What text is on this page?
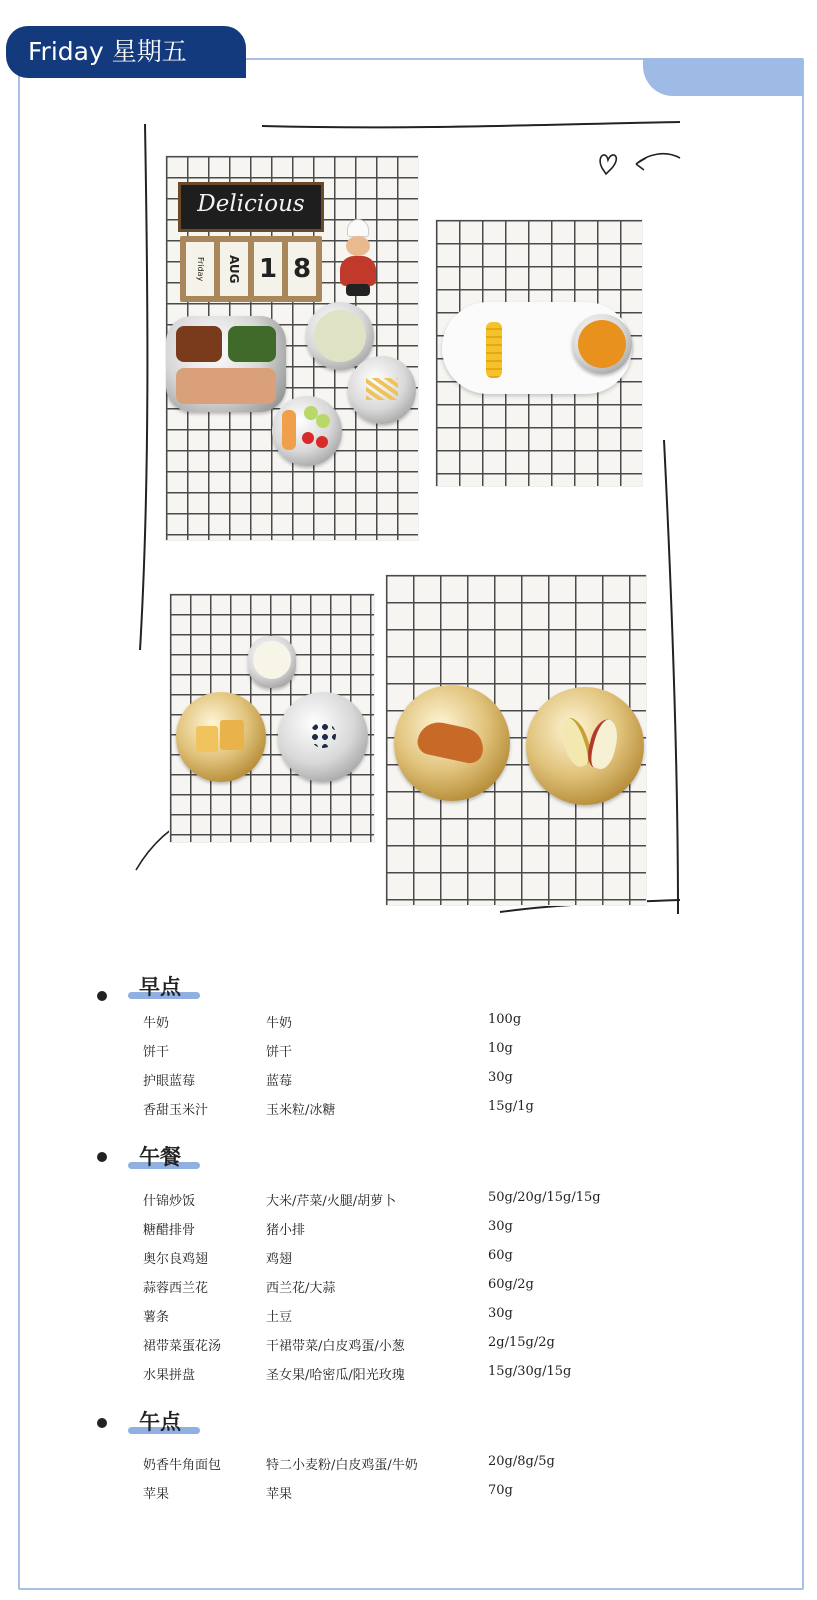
Friday 星期五
Delicious
Friday	AUG 1 8
早点
牛奶	牛奶	100g
饼干	饼干	10g
护眼蓝莓	蓝莓	30g
香甜玉米汁	玉米粒/冰糖	15g/1g
午餐
什锦炒饭	大米/芹菜/火腿/胡萝卜	50g/20g/15g/15g
糖醋排骨	猪小排	30g
奥尔良鸡翅	鸡翅	60g
蒜蓉西兰花	西兰花/大蒜	60g/2g
薯条	土豆	30g
裙带菜蛋花汤	干裙带菜/白皮鸡蛋/小葱	2g/15g/2g
水果拼盘	圣女果/哈密瓜/阳光玫瑰	15g/30g/15g
午点
奶香牛角面包	特二小麦粉/白皮鸡蛋/牛奶	20g/8g/5g
苹果	苹果	70g
